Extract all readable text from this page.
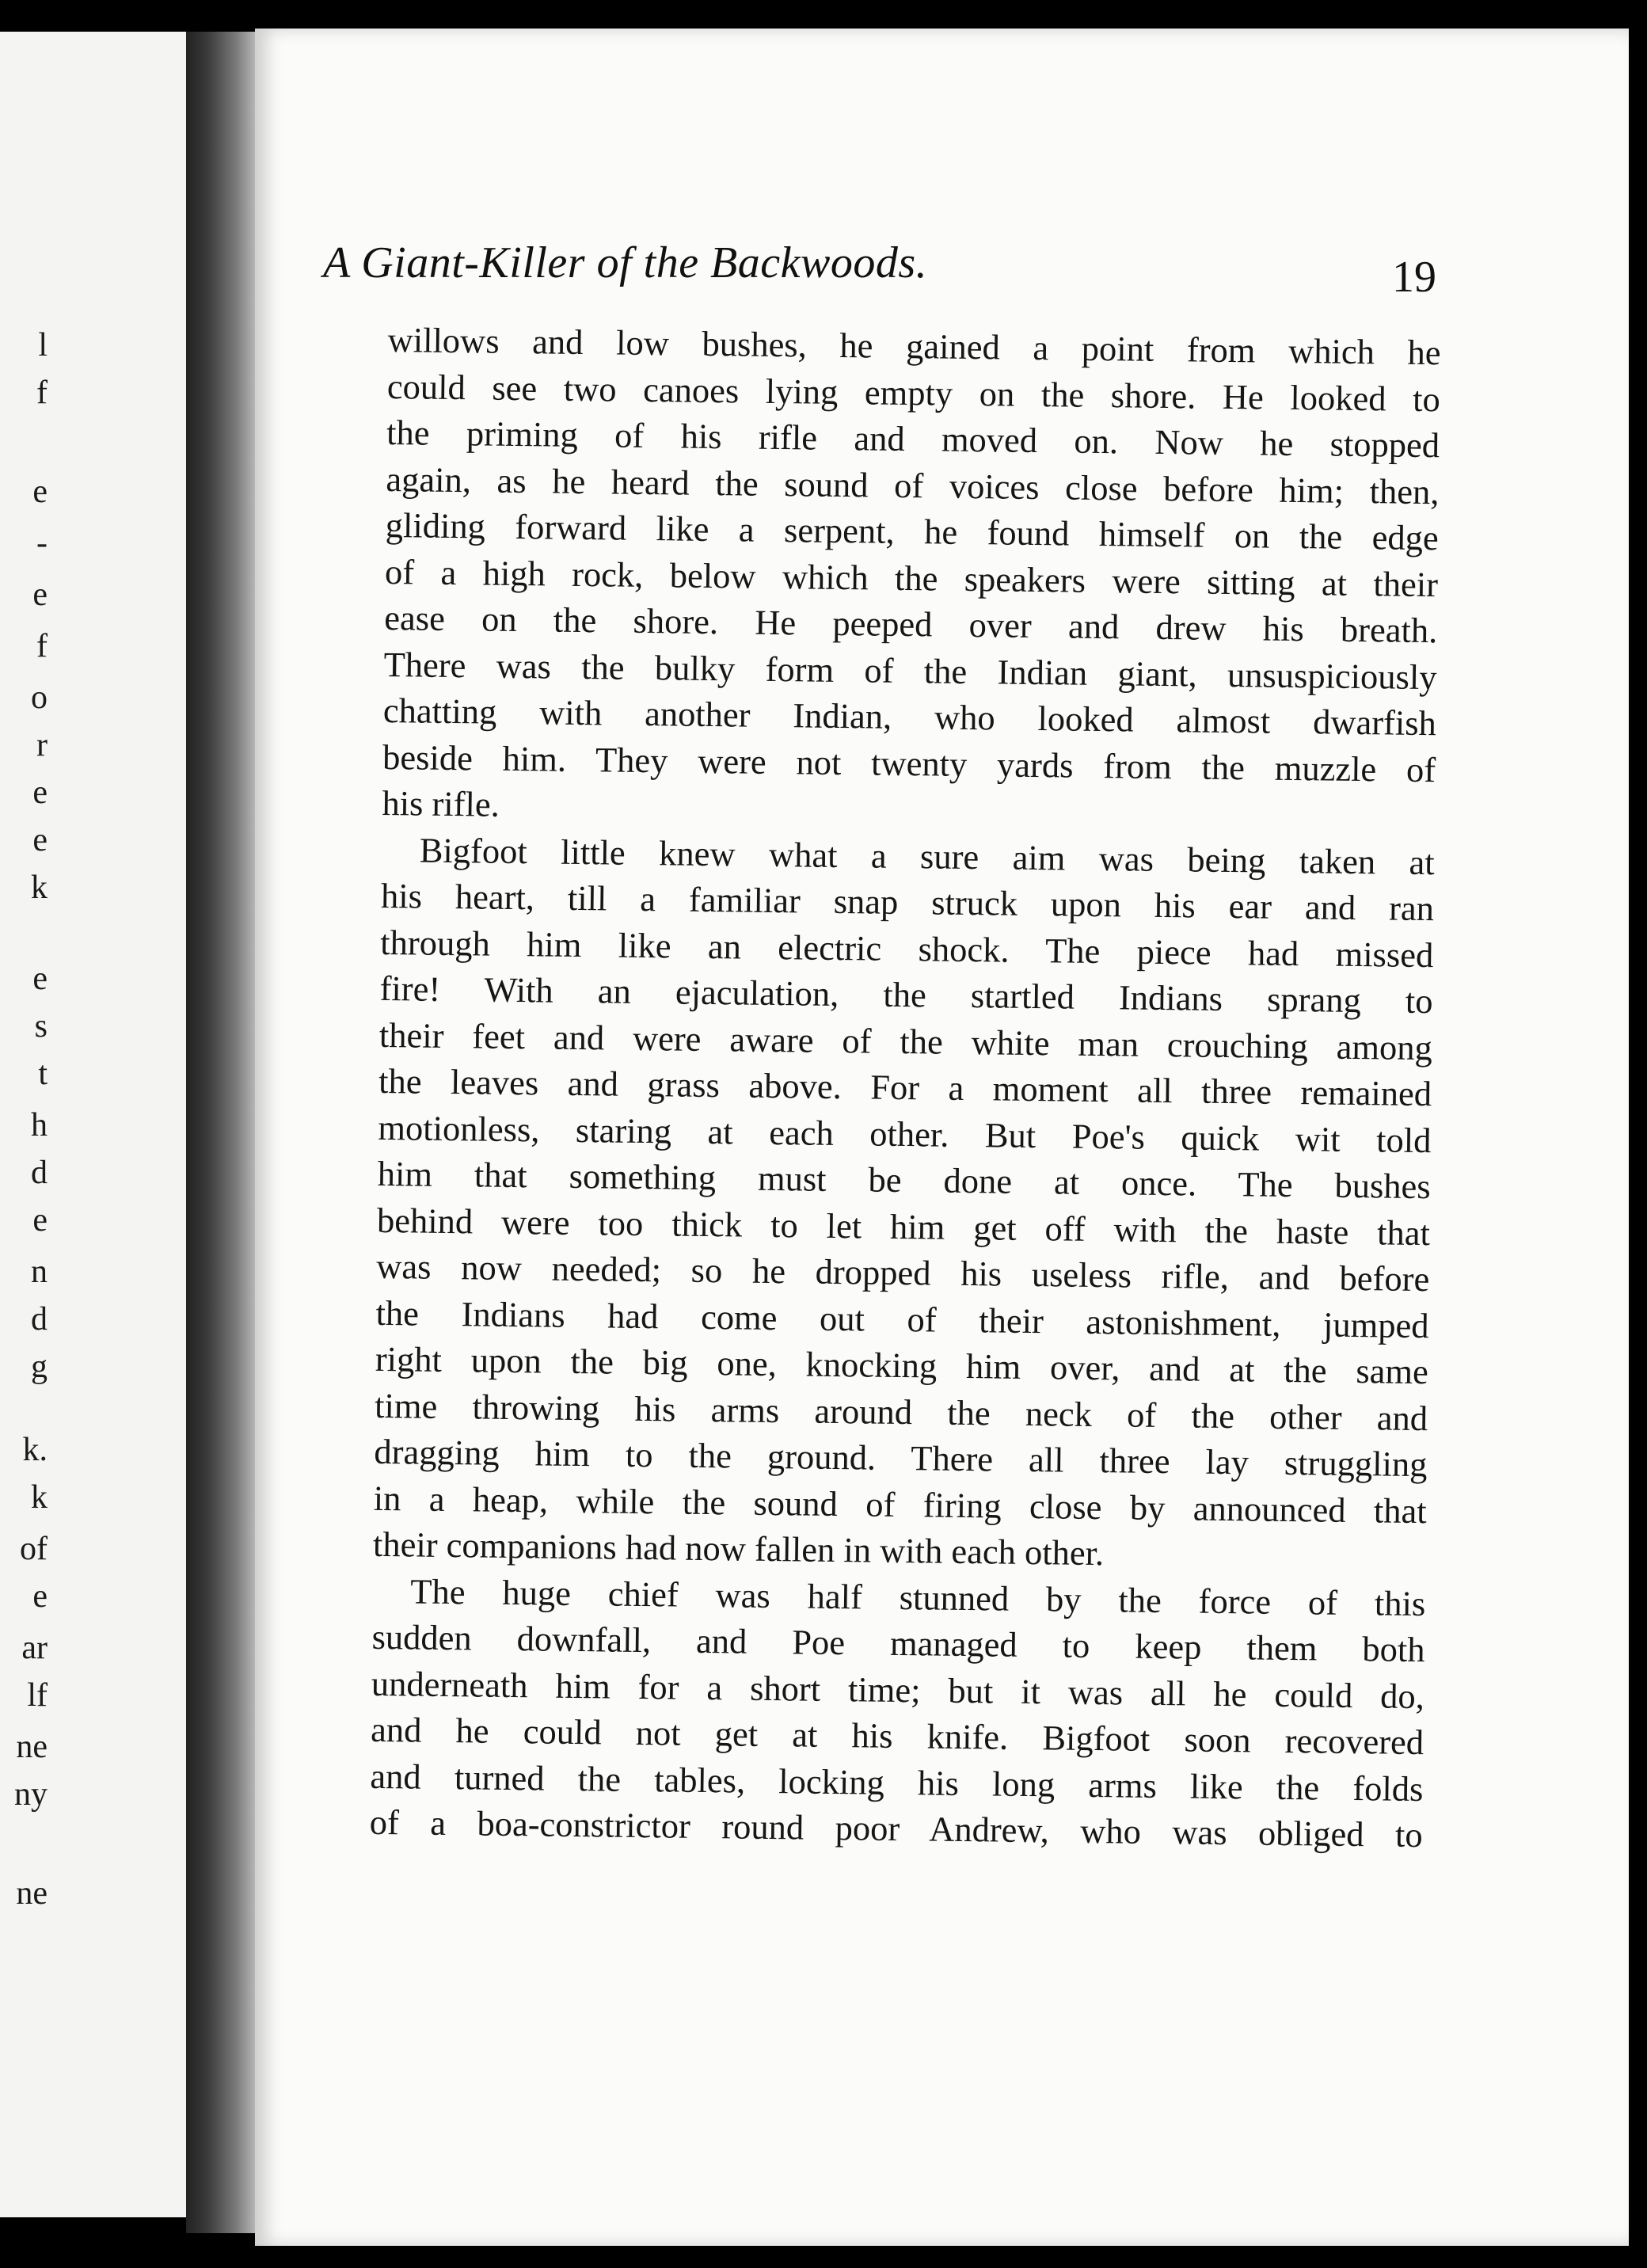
l
f
e
-
e
f
o
r
e
e
k
e
s
t
h
d
e
n
d
g
k.
k
of
e
ar
lf
ne
ny
ne
A Giant-Killer of the Backwoods.	19
willows and low bushes, he gained a point from which he
could see two canoes lying empty on the shore. He looked to
the priming of his rifle and moved on. Now he stopped
again, as he heard the sound of voices close before him; then,
gliding forward like a serpent, he found himself on the edge
of a high rock, below which the speakers were sitting at their
ease on the shore. He peeped over and drew his breath.
There was the bulky form of the Indian giant, unsuspiciously
chatting with another Indian, who looked almost dwarfish
beside him. They were not twenty yards from the muzzle of
his rifle.
Bigfoot little knew what a sure aim was being taken at
his heart, till a familiar snap struck upon his ear and ran
through him like an electric shock. The piece had missed
fire! With an ejaculation, the startled Indians sprang to
their feet and were aware of the white man crouching among
the leaves and grass above. For a moment all three remained
motionless, staring at each other. But Poe's quick wit told
him that something must be done at once. The bushes
behind were too thick to let him get off with the haste that
was now needed; so he dropped his useless rifle, and before
the Indians had come out of their astonishment, jumped
right upon the big one, knocking him over, and at the same
time throwing his arms around the neck of the other and
dragging him to the ground. There all three lay struggling
in a heap, while the sound of firing close by announced that
their companions had now fallen in with each other.
The huge chief was half stunned by the force of this
sudden downfall, and Poe managed to keep them both
underneath him for a short time; but it was all he could do,
and he could not get at his knife. Bigfoot soon recovered
and turned the tables, locking his long arms like the folds
of a boa-constrictor round poor Andrew, who was obliged to
